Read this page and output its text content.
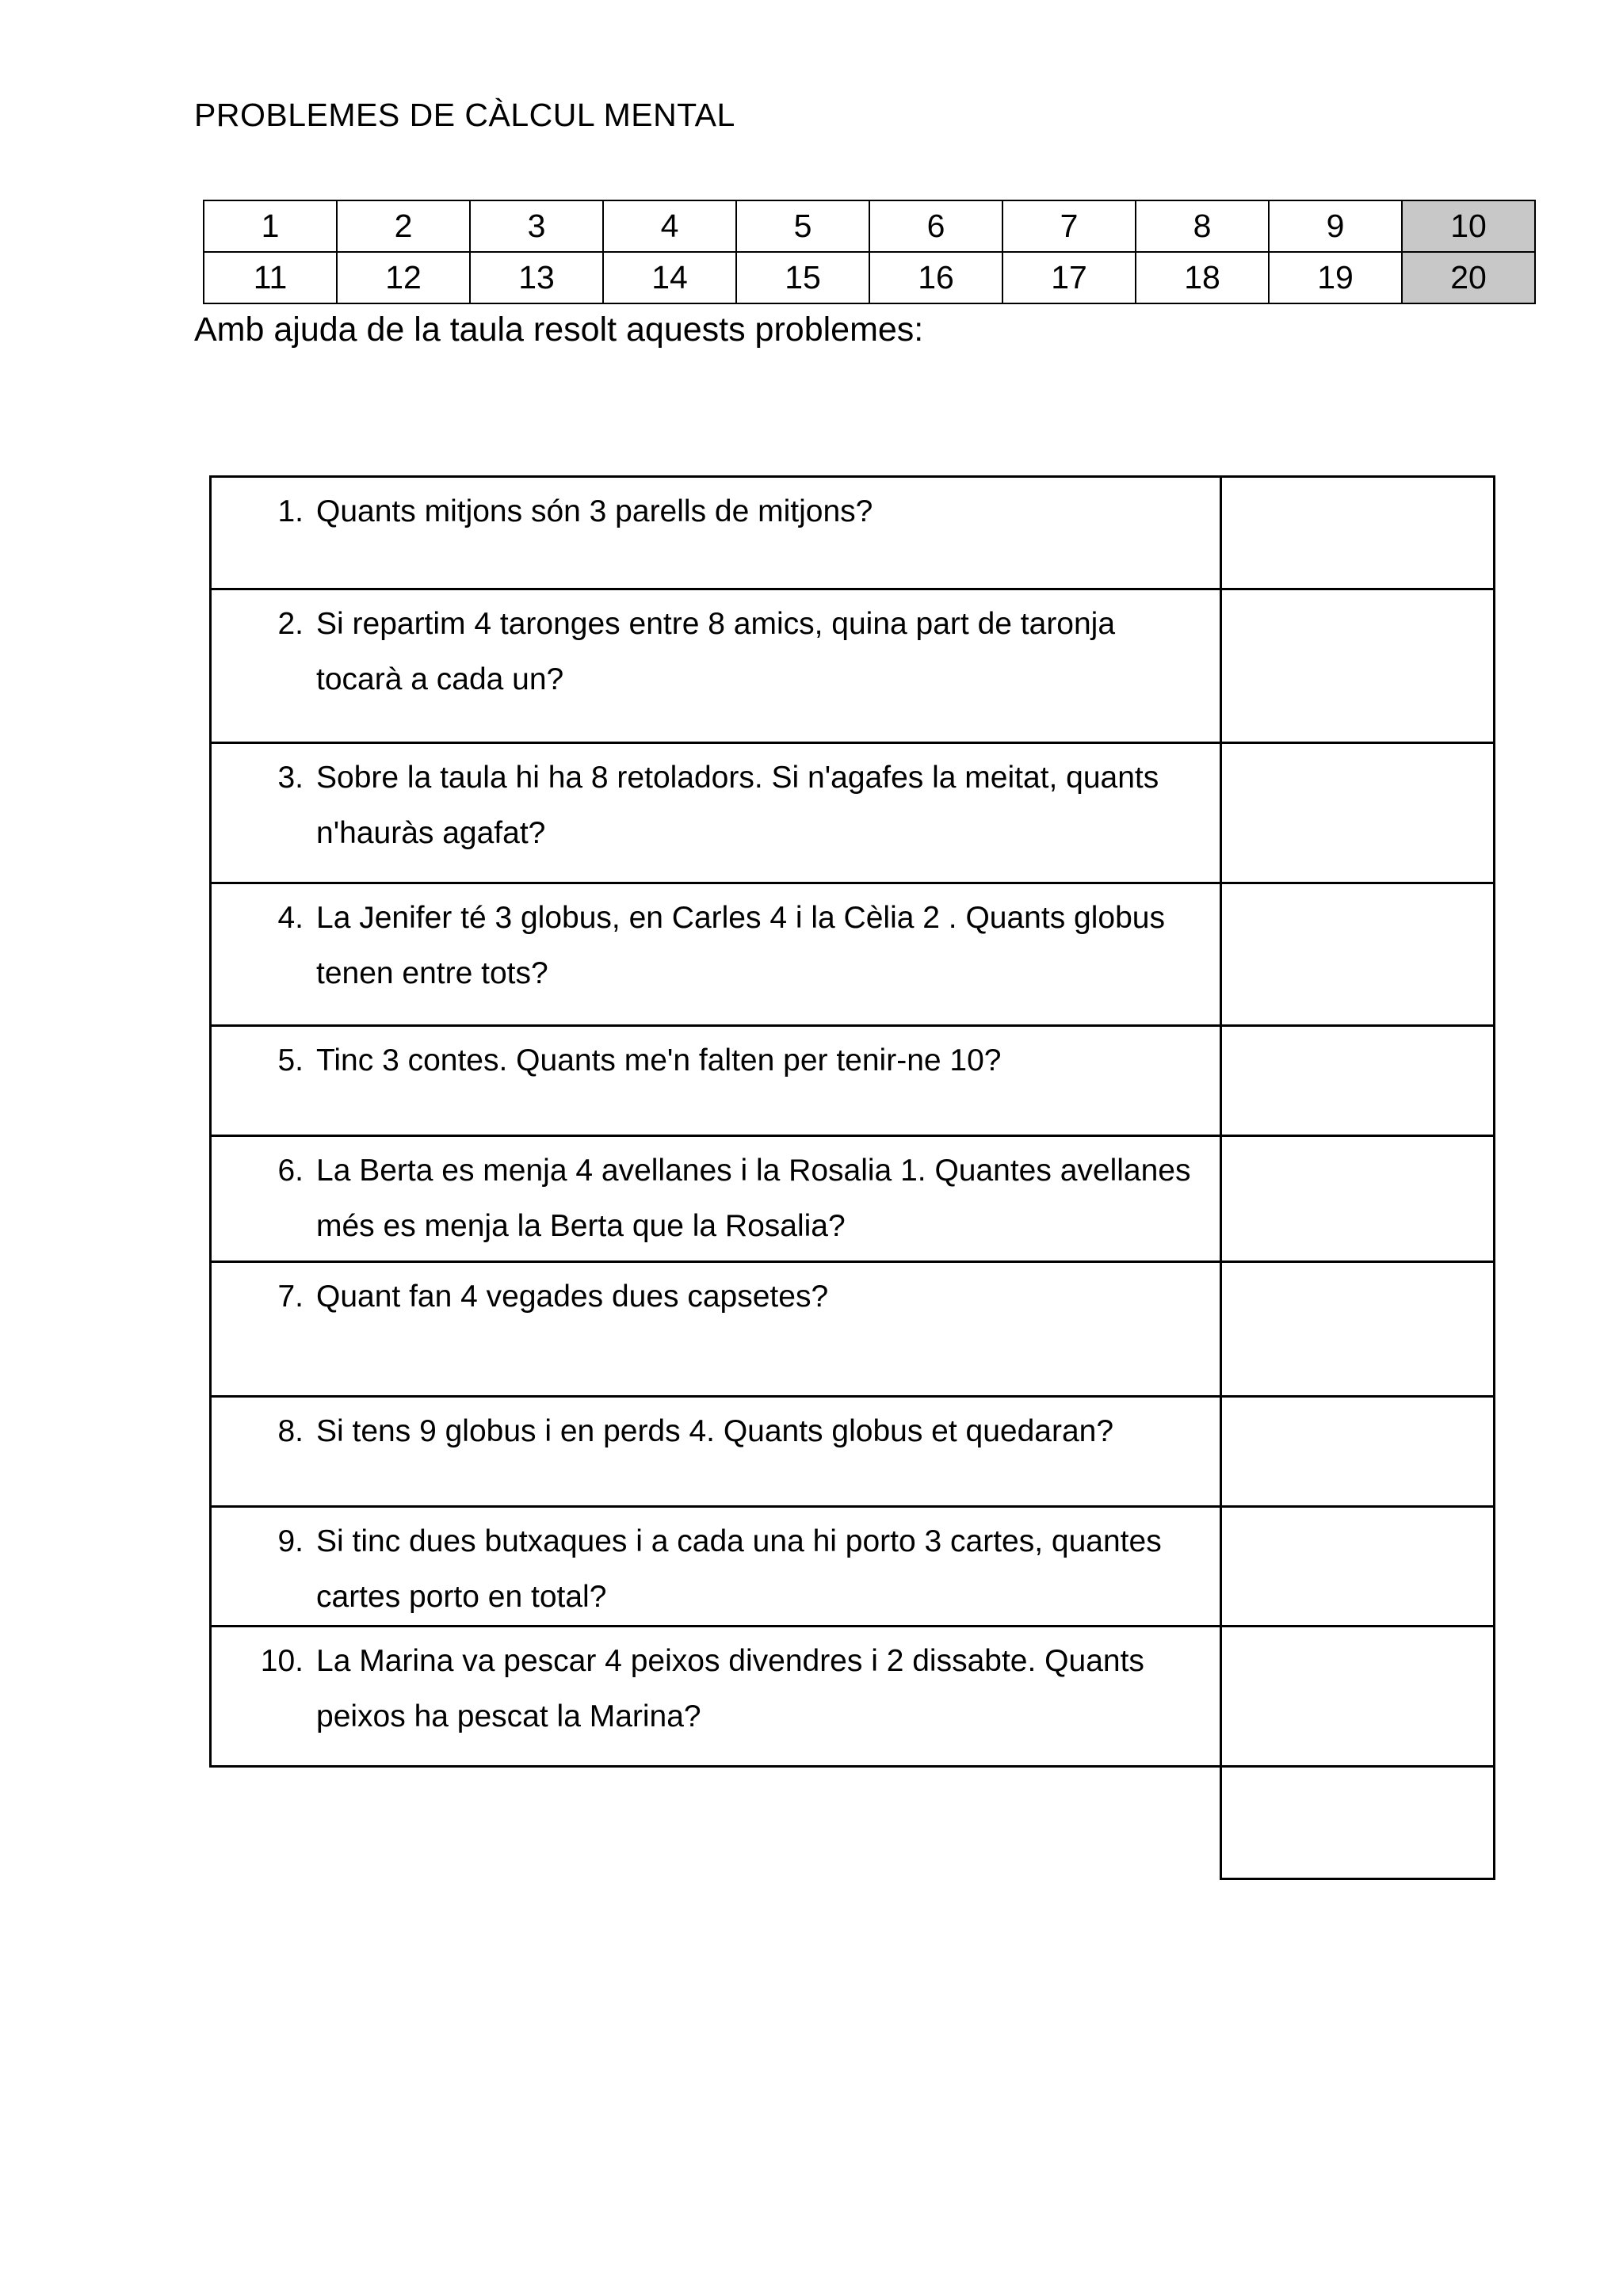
PROBLEMES DE CÀLCUL MENTAL
1	2	3	4	5	6	7	8	9	10
11	12	13	14	15	16	17	18	19	20
Amb ajuda de la taula resolt aquests problemes:
1. Quants mitjons són 3 parells de mitjons?	

2. Si repartim 4 taronges entre 8 amics, quina part de taronja tocarà a cada un?	

3. Sobre la taula hi ha 8 retoladors. Si n'agafes la meitat, quants n'hauràs agafat?	

4. La Jenifer té 3 globus, en Carles 4 i la Cèlia 2 . Quants globus tenen entre tots?	

5. Tinc 3 contes. Quants me'n falten per tenir-ne 10?	

6. La Berta es menja 4 avellanes i la Rosalia 1. Quantes avellanes més es menja la Berta que la Rosalia?	

7. Quant fan 4 vegades dues capsetes?	

8. Si tens 9 globus i en perds 4. Quants globus et quedaran?	

9. Si tinc dues butxaques i a cada una hi porto 3 cartes, quantes cartes porto en total?	

10. La Marina va pescar 4 peixos divendres i 2 dissabte. Quants peixos ha pescat la Marina?	
